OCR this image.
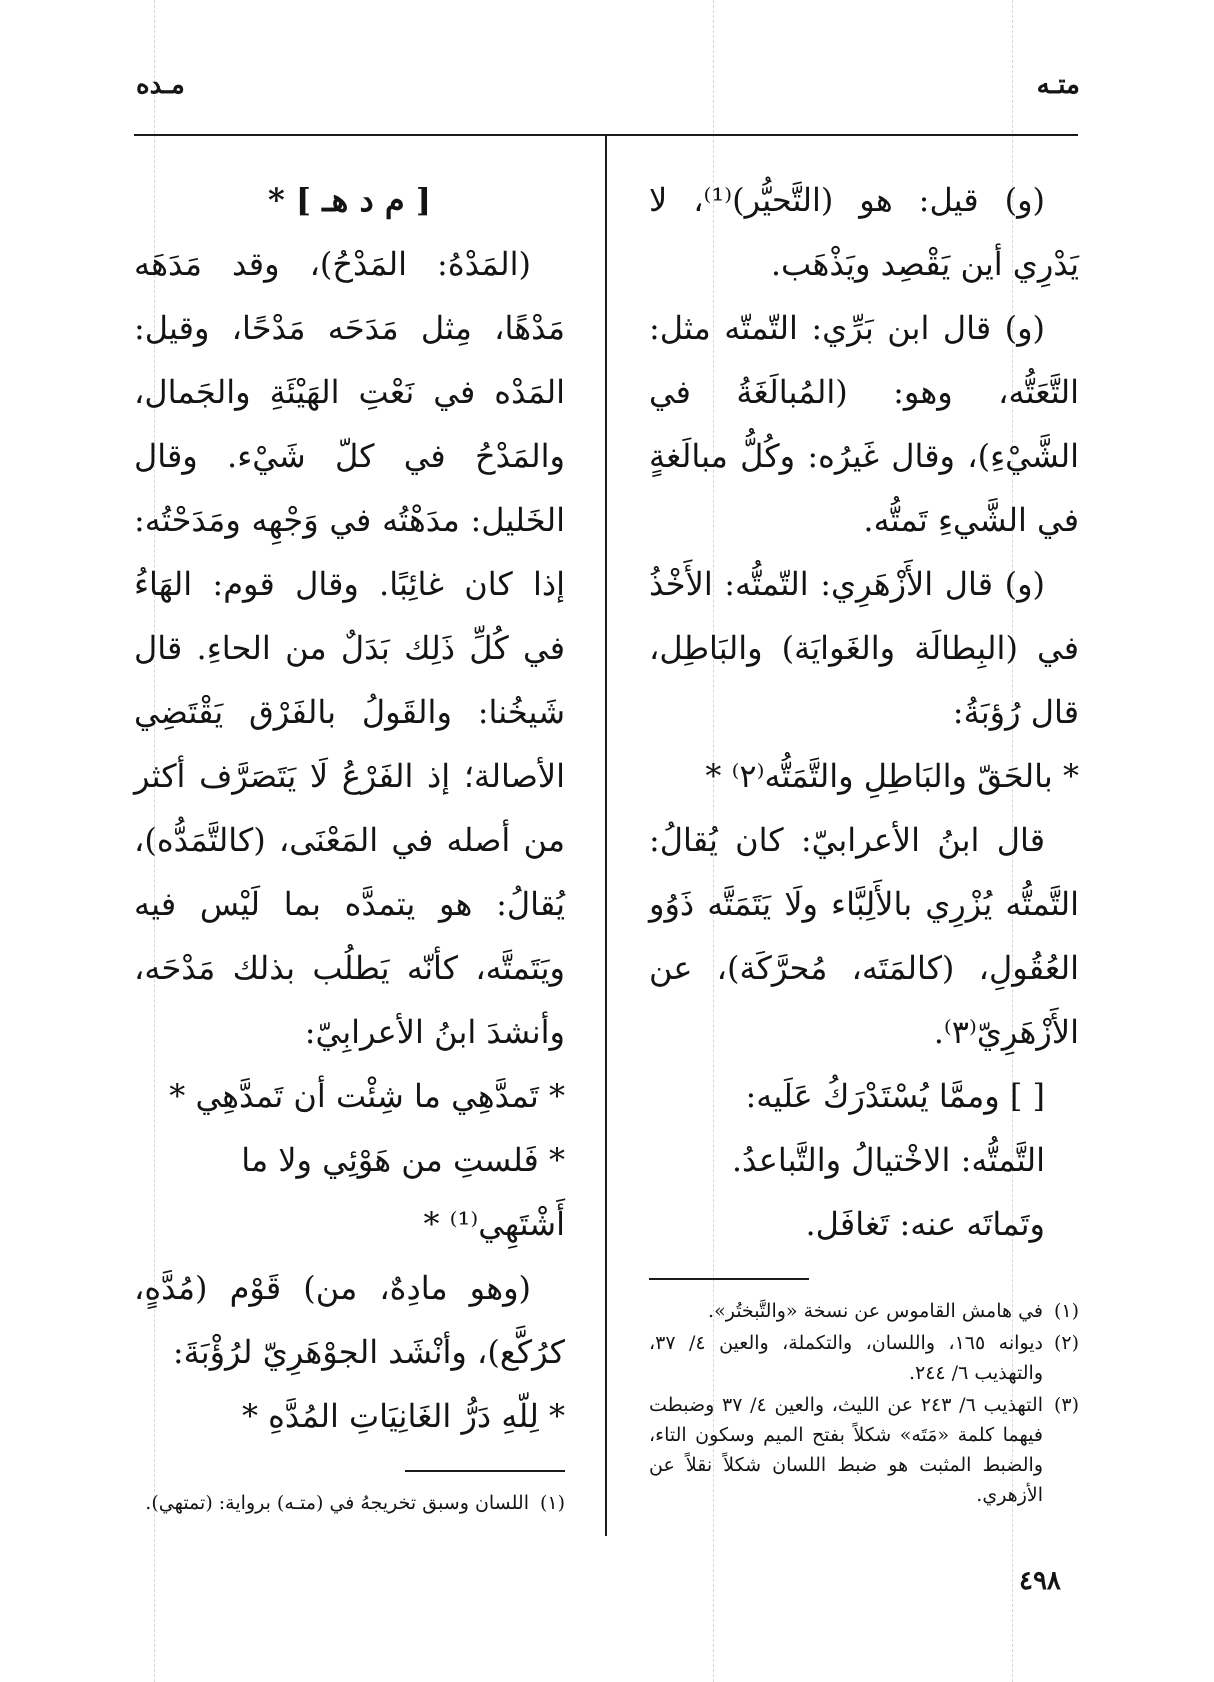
متـه
مـده

(و) قيل: هو (التَّحيُّر)⁽¹⁾، لا يَدْرِي أين يَقْصِد ويَذْهَب.

(و) قال ابن بَرِّي: التّمتّه مثل: التَّعَتُّه، وهو: (المُبالَغَةُ في الشَّيْءِ)، وقال غَيرُه: وكُلُّ مبالَغةٍ في الشَّيءِ تَمتُّه.

(و) قال الأَزْهَرِي: التّمتُّه: الأَخْذُ في (البِطالَة والغَوايَة) والبَاطِل، قال رُؤبَةُ:

* بالحَقّ والبَاطِلِ والتَّمَتُّه⁽٢⁾ *

قال ابنُ الأعرابيّ: كان يُقالُ: التَّمتُّه يُزْرِي بالأَلِبَّاء ولَا يَتَمَتَّه ذَوُو العُقُولِ، (كالمَتَه، مُحرَّكَة)، عن الأَزْهَرِيّ⁽٣⁾.

[ ] وممَّا يُسْتَدْرَكُ عَلَيه:

التَّمتُّه: الاخْتيالُ والتَّباعدُ.

وتَماتَه عنه: تَغافَل.

(١)
في هامش القاموس عن نسخة «والتَّبختُر».
(٢)
ديوانه ١٦٥، واللسان، والتكملة، والعين ٤/ ٣٧، والتهذيب ٦/ ٢٤٤.
(٣)
التهذيب ٦/ ٢٤٣ عن الليث، والعين ٤/ ٣٧ وضبطت فيهما كلمة «مَتَه» شكلاً بفتح الميم وسكون التاء، والضبط المثبت هو ضبط اللسان شكلاً نقلاً عن الأزهري.

[ م د هـ ] *

(المَدْهُ: المَدْحُ)، وقد مَدَهَه مَدْهًا، مِثل مَدَحَه مَدْحًا، وقيل: المَدْه في نَعْتِ الهَيْئَةِ والجَمال، والمَدْحُ في كلّ شَيْء. وقال الخَليل: مدَهْتُه في وَجْهِه ومَدَحْتُه: إذا كان غائِبًا. وقال قوم: الهَاءُ في كُلِّ ذَلِك بَدَلٌ من الحاءِ. قال شَيخُنا: والقَولُ بالفَرْق يَقْتَضِي الأصالة؛ إذ الفَرْعُ لَا يَتَصَرَّف أكثر من أصله في المَعْنَى، (كالتَّمَدُّه)، يُقالُ: هو يتمدَّه بما لَيْس فيه ويَتَمتَّه، كأنّه يَطلُب بذلك مَدْحَه، وأنشدَ ابنُ الأعرابِيّ:

* تَمدَّهِي ما شِئْت أن تَمدَّهِي *

* فَلستِ من هَوْئِي ولا ما أَشْتَهِي⁽¹⁾ *

(وهو مادِهٌ، من) قَوْم (مُدَّهٍ، كرُكَّع)، وأنْشَد الجوْهَرِيّ لرُؤْبَةَ:

* لِلّهِ دَرُّ الغَانِيَاتِ المُدَّهِ *

(١)
اللسان وسبق تخريجهُ في (متـه) برواية: (تمتهي).
٤٩٨
